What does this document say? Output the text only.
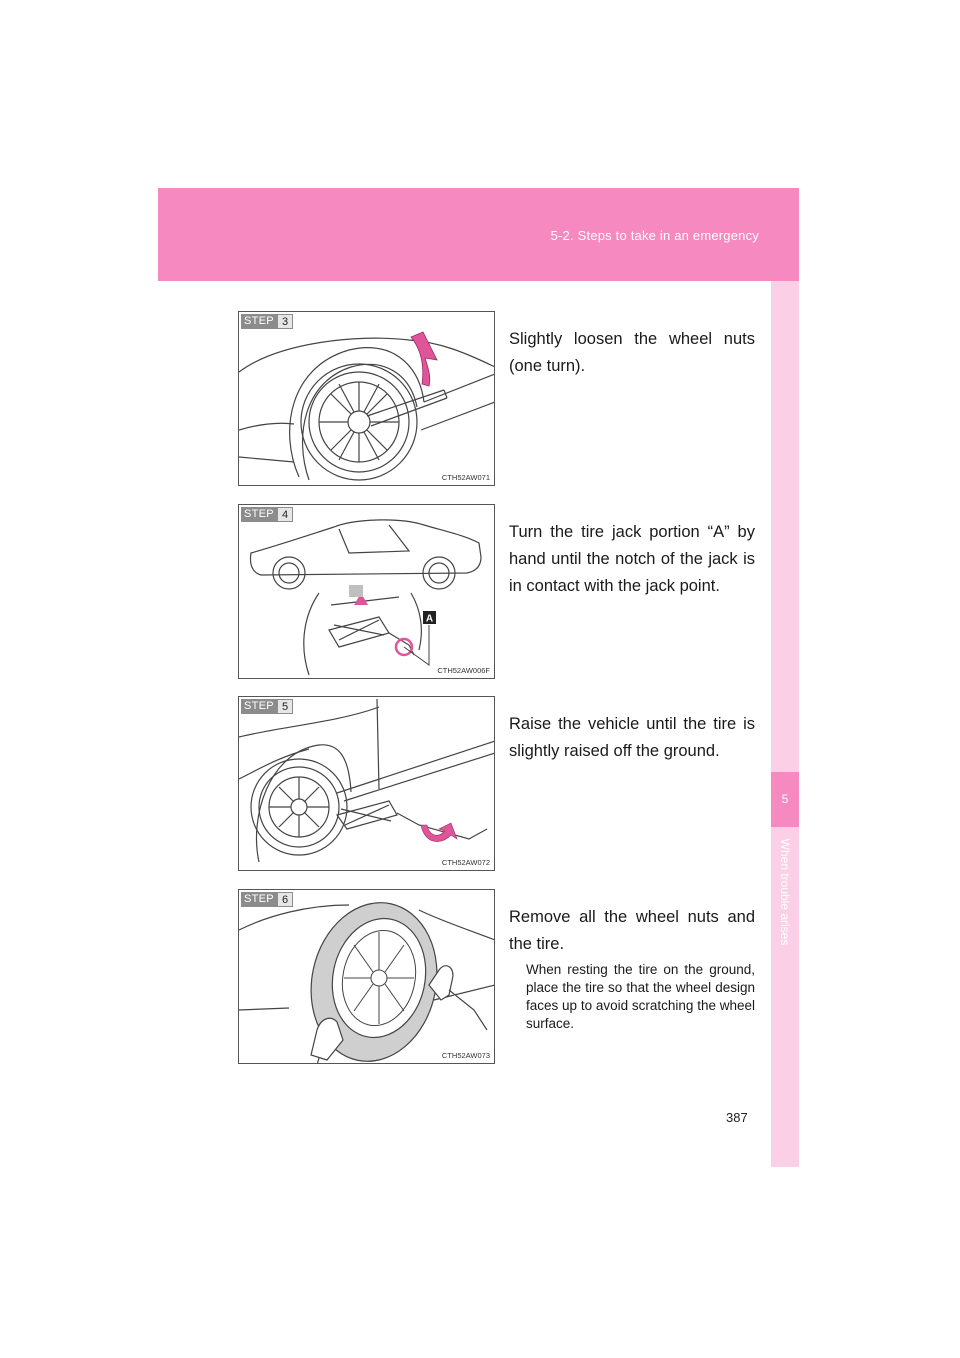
5-2. Steps to take in an emergency
5
When trouble arises
STEP 3
CTH52AW071
Slightly loosen the wheel nuts (one turn).
STEP 4
A
CTH52AW006F
Turn the tire jack portion “A” by hand until the notch of the jack is in contact with the jack point.
STEP 5
CTH52AW072
Raise the vehicle until the tire is slightly raised off the ground.
STEP 6
CTH52AW073
Remove all the wheel nuts and the tire.
When resting the tire on the ground, place the tire so that the wheel design faces up to avoid scratching the wheel surface.
387
